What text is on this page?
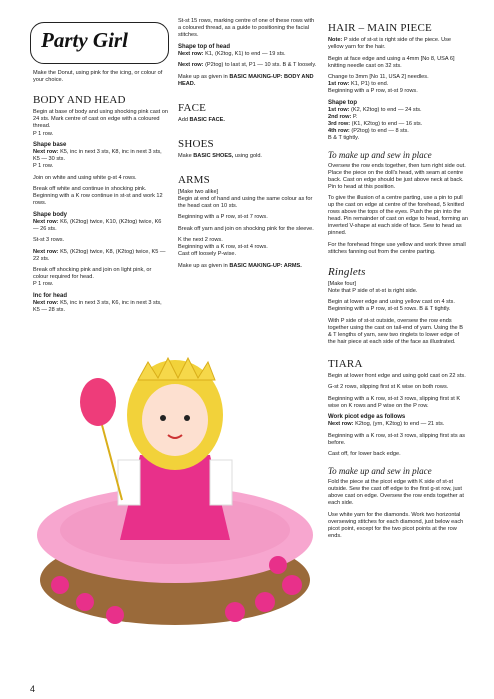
Party Girl

Make the Donut, using pink for the icing, or colour of your choice.

BODY AND HEAD

Begin at base of body and using shocking pink cast on 24 sts. Mark centre of cast on edge with a coloured thread.

P 1 row.

Shape base

Next row: K5, inc in next 3 sts, K8, inc in next 3 sts, K5 — 30 sts.
P 1 row.

Join on white and using white g-st 4 rows.

Break off white and continue in shocking pink. Beginning with a K row continue in st-st and work 12 rows.

Shape body

Next row: K6, (K2tog) twice, K10, (K2tog) twice, K6 — 26 sts.

St-st 3 rows.

Next row: K5, (K2tog) twice, K8, (K2tog) twice, K5 — 22 sts.

Break off shocking pink and join on light pink, or colour required for head.
P 1 row.

Inc for head

Next row: K5, inc in next 3 sts, K6, inc in next 3 sts, K5 — 28 sts.

St-st 15 rows, marking centre of one of these rows with a coloured thread, as a guide to positioning the facial stitches.

Shape top of head

Next row: K1, (K2tog, K1) to end — 19 sts.

Next row: (P2tog) to last st, P1 — 10 sts. B & T loosely.

Make up as given in BASIC MAKING-UP: BODY AND HEAD.

FACE

Add BASIC FACE.

SHOES

Make BASIC SHOES, using gold.

ARMS

[Make two alike]
Begin at end of hand and using the same colour as for the head cast on 10 sts.

Beginning with a P row, st-st 7 rows.

Break off yarn and join on shocking pink for the sleeve.

K the next 2 rows.
Beginning with a K row, st-st 4 rows.
Cast off loosely P-wise.

Make up as given in BASIC MAKING-UP: ARMS.

HAIR – MAIN PIECE

Note: P side of st-st is right side of the piece. Use yellow yarn for the hair.

Begin at face edge and using a 4mm [No 8, USA 6] knitting needle cast on 32 sts.

Change to 3mm [No 11, USA 2] needles.
1st row: K1, P1) to end.
Beginning with a P row, st-st 9 rows.

Shape top

1st row: (K2, K2tog) to end — 24 sts.
2nd row: P.
3rd row: (K1, K2tog) to end — 16 sts.
4th row: (P2tog) to end — 8 sts.
B & T tightly.

To make up and sew in place

Oversew the row ends together, then turn right side out. Place the piece on the doll's head, with seam at centre back. Cast on edge should be just above neck at back. Pin to head at this position.

To give the illusion of a centre parting, use a pin to pull up the cast on edge at centre of the forehead, 5 knitted rows above the tops of the eyes. Push the pin into the head. Pin remainder of cast on edge to head, forming an inverted V-shape at each side of face. Sew to head as pinned.

For the forehead fringe use yellow and work three small stitches fanning out from the centre parting.

Ringlets

[Make four]
Note that P side of st-st is right side.

Begin at lower edge and using yellow cast on 4 sts. Beginning with a P row, st-st 5 rows. B & T tightly.

With P side of st-st outside, oversew the row ends together using the cast on tail-end of yarn. Using the B & T lengths of yarn, sew two ringlets to lower edge of the hair piece at each side of the face as illustrated.

TIARA

Begin at lower front edge and using gold cast on 22 sts.

G-st 2 rows, slipping first st K wise on both rows.

Beginning with a K row, st-st 3 rows, slipping first st K wise on K rows and P wise on the P row.

Work picot edge as follows

Next row: K2tog, (yrn, K2tog) to end — 21 sts.

Beginning with a K row, st-st 3 rows, slipping first sts as before.

Cast off, for lower back edge.

To make up and sew in place

Fold the piece at the picot edge with K side of st-st outside. Sew the cast off edge to the first g-st row, just above cast on edge. Oversew the row ends together at each side.

Use white yarn for the diamonds. Work two horizontal oversewing stitches for each diamond, just below each picot point, except for the two picot points at the row ends.

4
